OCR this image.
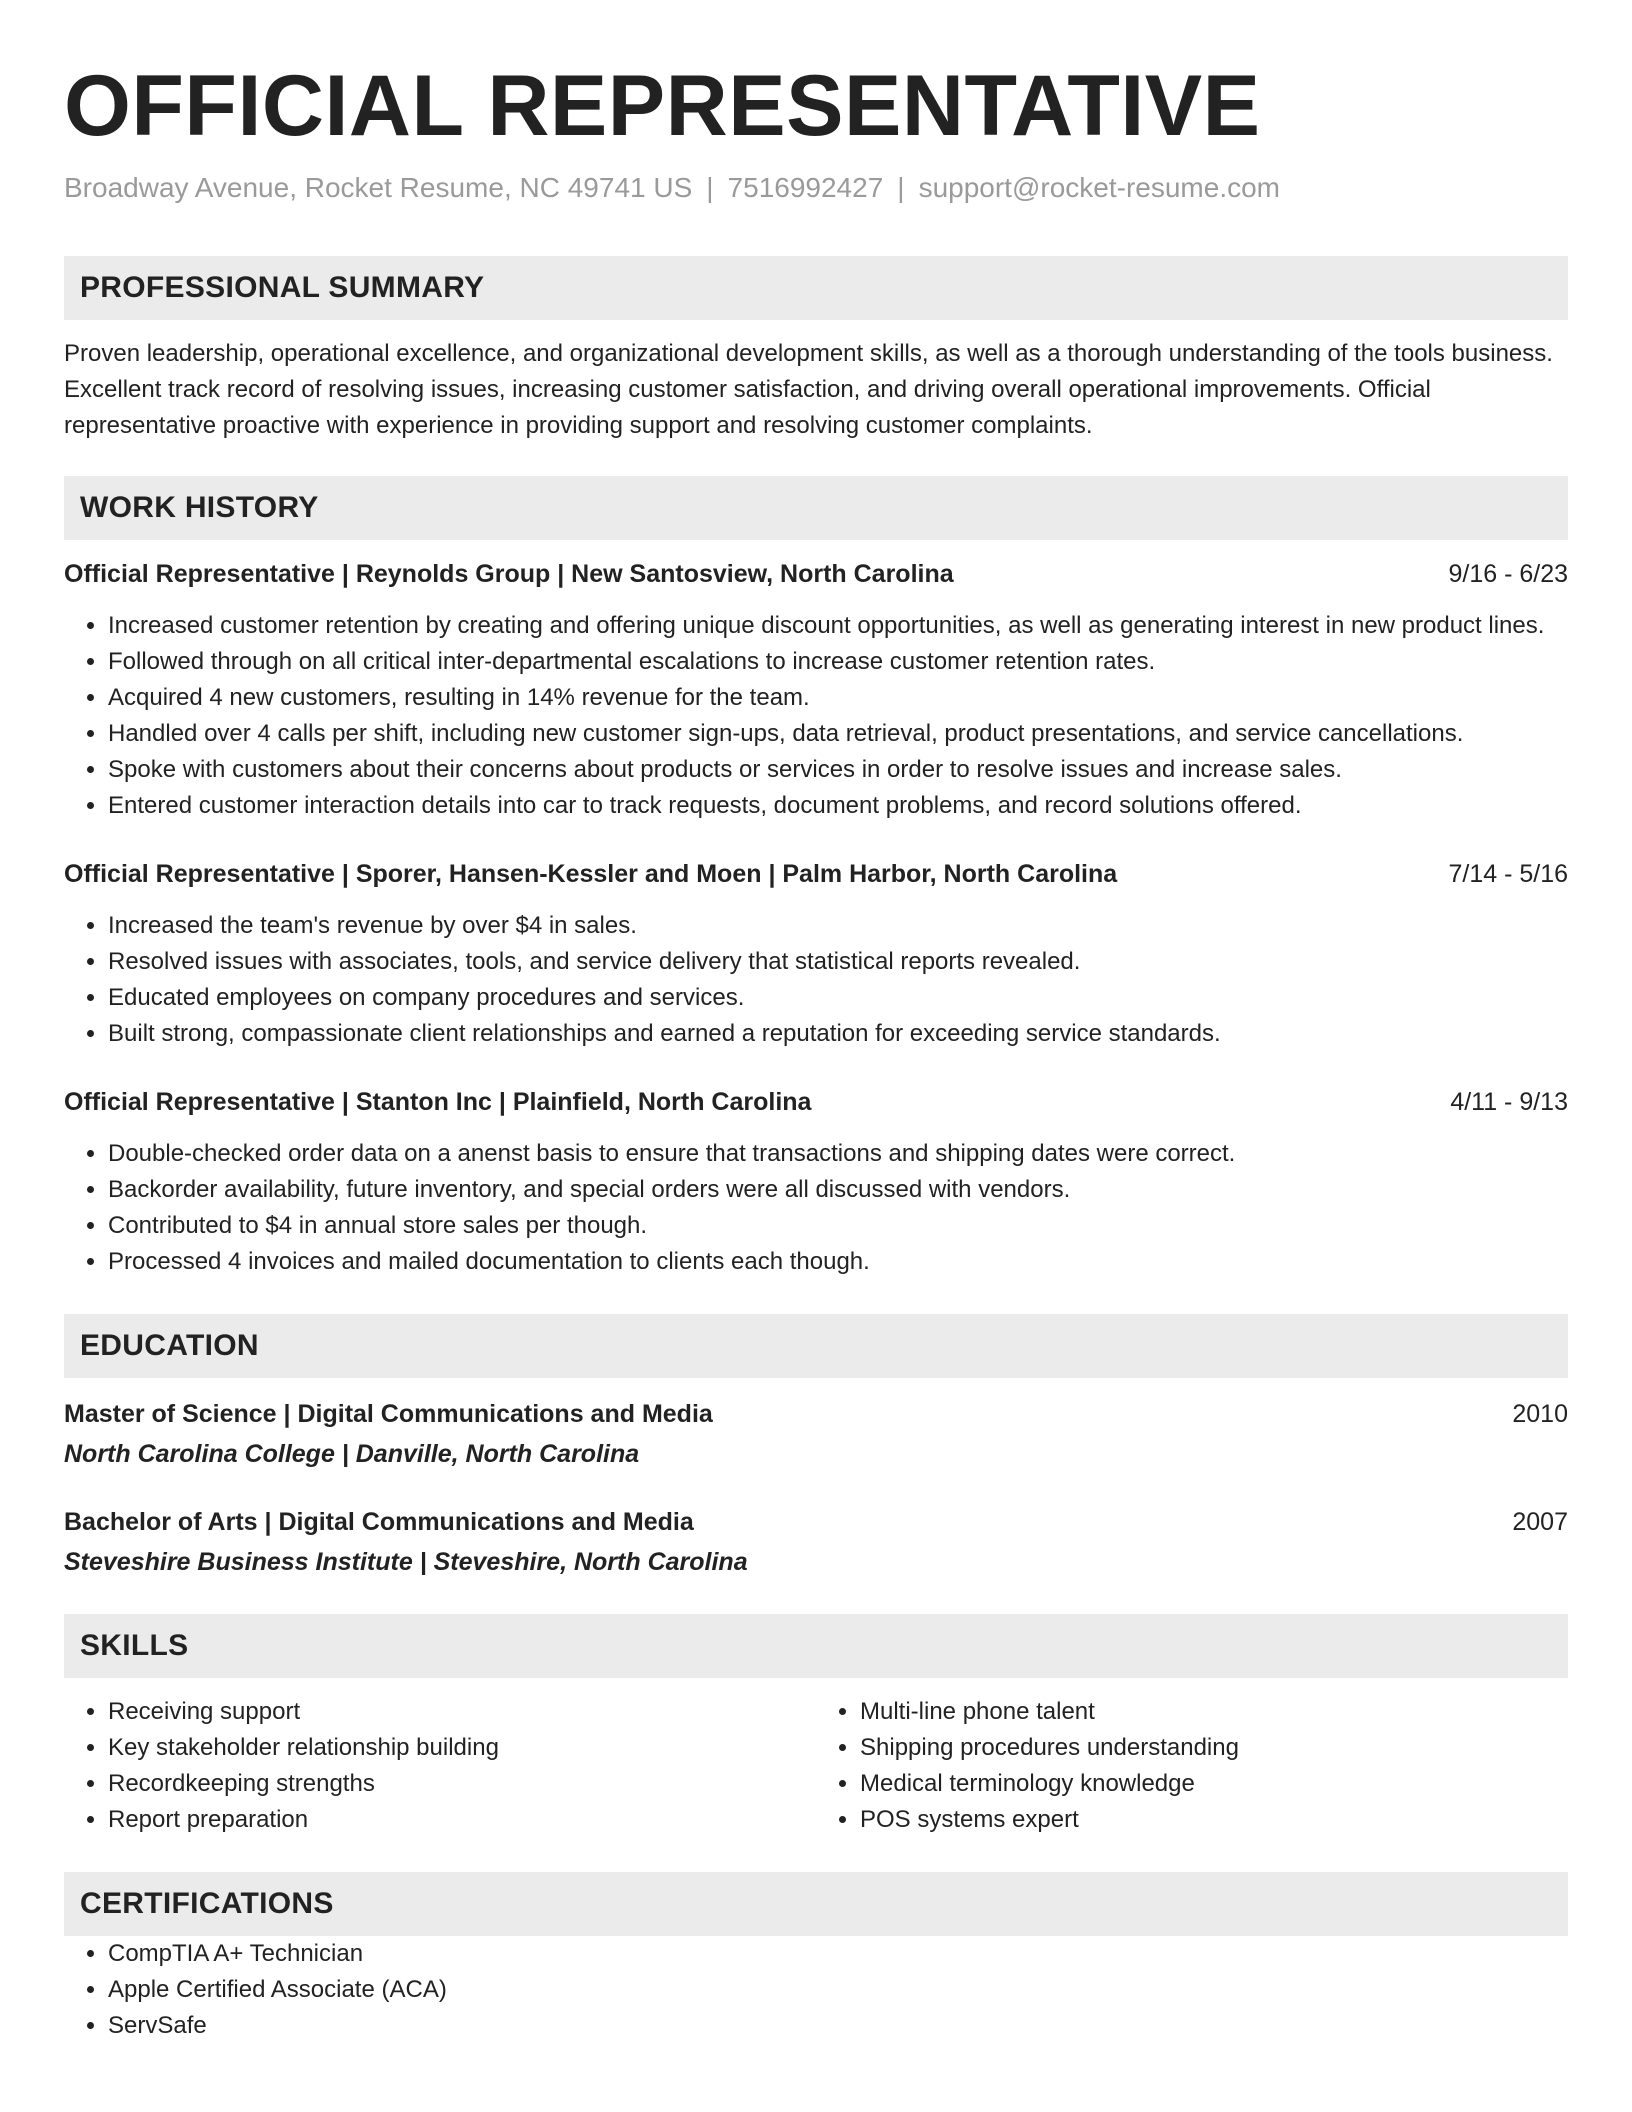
OFFICIAL REPRESENTATIVE
Broadway Avenue, Rocket Resume, NC 49741 US | 7516992427 | support@rocket-resume.com
PROFESSIONAL SUMMARY
Proven leadership, operational excellence, and organizational development skills, as well as a thorough understanding of the tools business. Excellent track record of resolving issues, increasing customer satisfaction, and driving overall operational improvements. Official representative proactive with experience in providing support and resolving customer complaints.
WORK HISTORY
Official Representative | Reynolds Group | New Santosview, North Carolina	9/16 - 6/23
• Increased customer retention by creating and offering unique discount opportunities, as well as generating interest in new product lines.
• Followed through on all critical inter-departmental escalations to increase customer retention rates.
• Acquired 4 new customers, resulting in 14% revenue for the team.
• Handled over 4 calls per shift, including new customer sign-ups, data retrieval, product presentations, and service cancellations.
• Spoke with customers about their concerns about products or services in order to resolve issues and increase sales.
• Entered customer interaction details into car to track requests, document problems, and record solutions offered.
Official Representative | Sporer, Hansen-Kessler and Moen | Palm Harbor, North Carolina	7/14 - 5/16
• Increased the team's revenue by over $4 in sales.
• Resolved issues with associates, tools, and service delivery that statistical reports revealed.
• Educated employees on company procedures and services.
• Built strong, compassionate client relationships and earned a reputation for exceeding service standards.
Official Representative | Stanton Inc | Plainfield, North Carolina	4/11 - 9/13
• Double-checked order data on a anenst basis to ensure that transactions and shipping dates were correct.
• Backorder availability, future inventory, and special orders were all discussed with vendors.
• Contributed to $4 in annual store sales per though.
• Processed 4 invoices and mailed documentation to clients each though.
EDUCATION
Master of Science | Digital Communications and Media	2010
North Carolina College | Danville, North Carolina
Bachelor of Arts | Digital Communications and Media	2007
Steveshire Business Institute | Steveshire, North Carolina
SKILLS
• Receiving support
• Key stakeholder relationship building
• Recordkeeping strengths
• Report preparation
• Multi-line phone talent
• Shipping procedures understanding
• Medical terminology knowledge
• POS systems expert
CERTIFICATIONS
• CompTIA A+ Technician
• Apple Certified Associate (ACA)
• ServSafe
